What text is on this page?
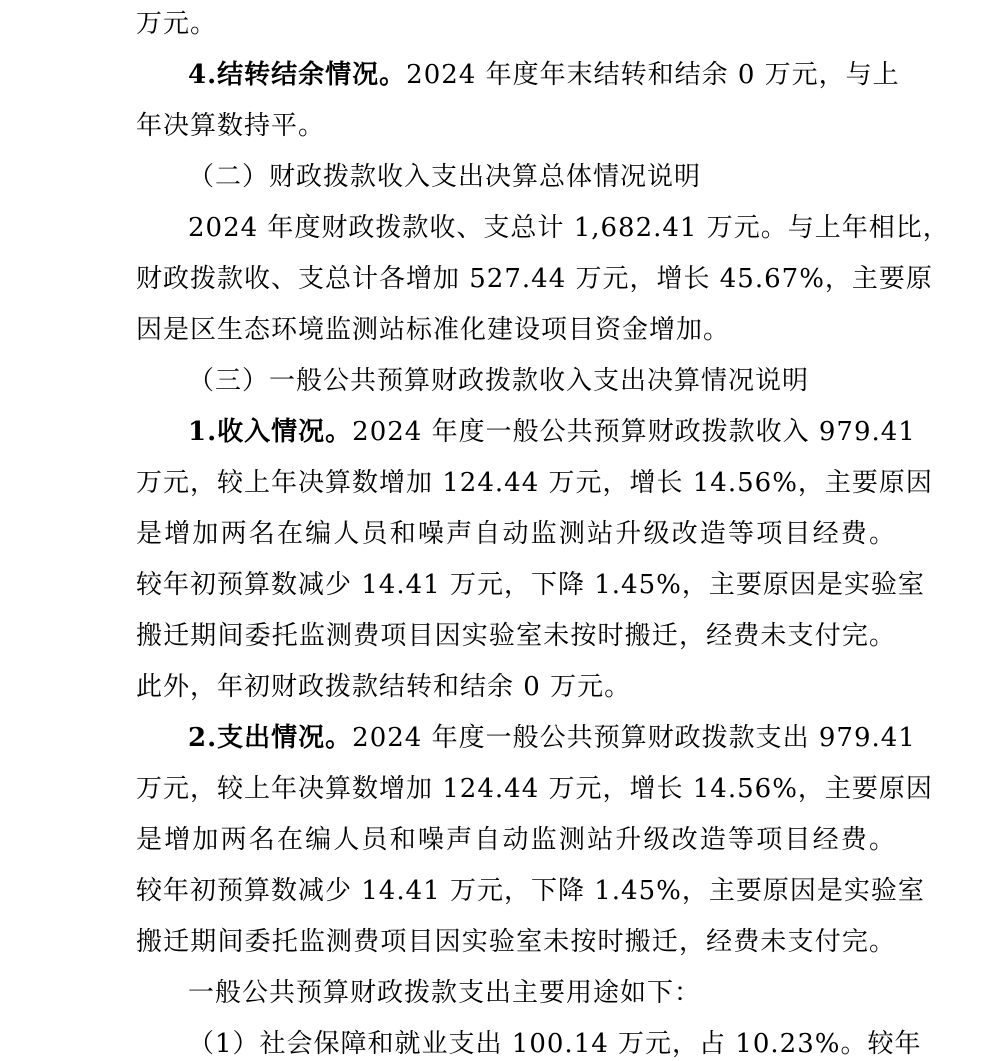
万元。
4.结转结余情况。2024 年度年末结转和结余 0 万元，与上
年决算数持平。
（二）财政拨款收入支出决算总体情况说明
2024 年度财政拨款收、支总计 1,682.41 万元。与上年相比，
财政拨款收、支总计各增加 527.44 万元，增长 45.67%，主要原
因是区生态环境监测站标准化建设项目资金增加。
（三）一般公共预算财政拨款收入支出决算情况说明
1.收入情况。2024 年度一般公共预算财政拨款收入 979.41
万元，较上年决算数增加 124.44 万元，增长 14.56%，主要原因
是增加两名在编人员和噪声自动监测站升级改造等项目经费。
较年初预算数减少 14.41 万元，下降 1.45%，主要原因是实验室
搬迁期间委托监测费项目因实验室未按时搬迁，经费未支付完。
此外，年初财政拨款结转和结余 0 万元。
2.支出情况。2024 年度一般公共预算财政拨款支出 979.41
万元，较上年决算数增加 124.44 万元，增长 14.56%，主要原因
是增加两名在编人员和噪声自动监测站升级改造等项目经费。
较年初预算数减少 14.41 万元，下降 1.45%，主要原因是实验室
搬迁期间委托监测费项目因实验室未按时搬迁，经费未支付完。
一般公共预算财政拨款支出主要用途如下：
（1）社会保障和就业支出 100.14 万元，占 10.23%。较年
